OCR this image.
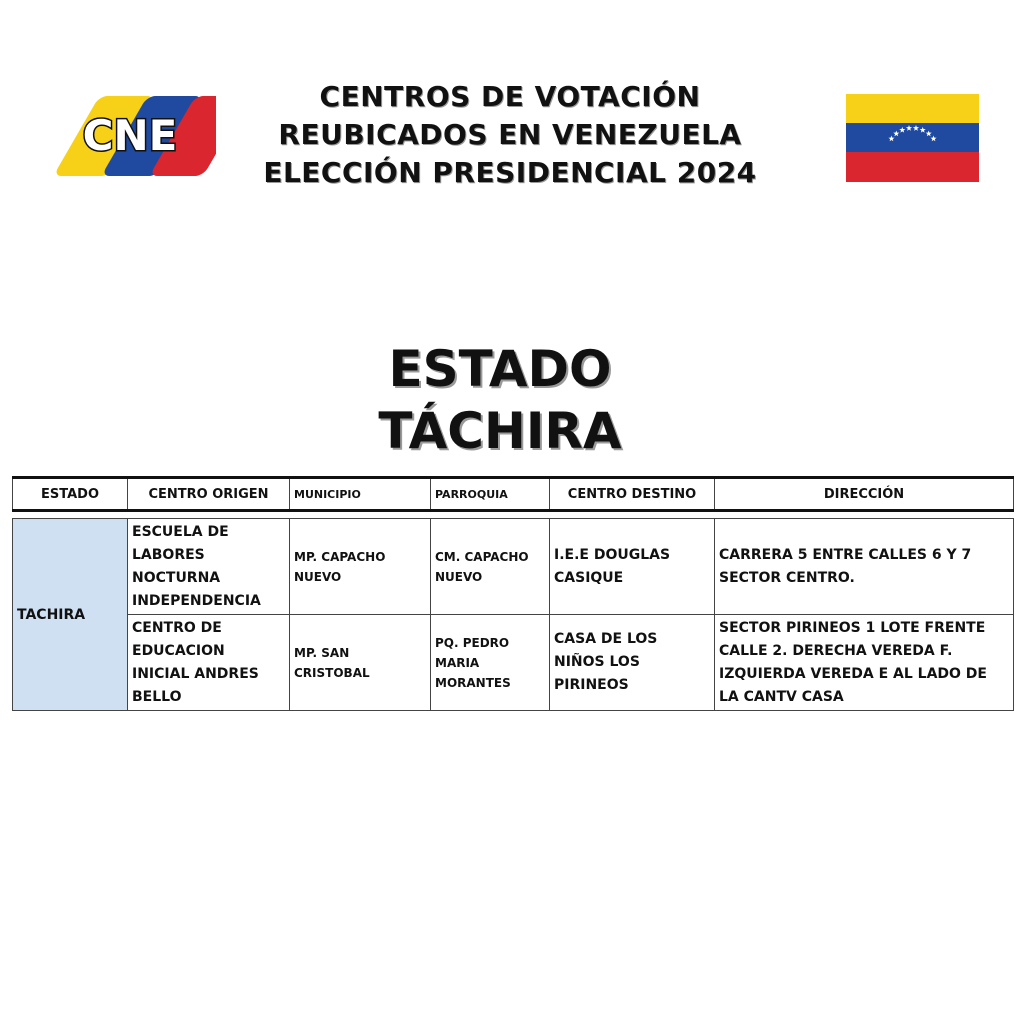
CNE
CENTROS DE VOTACIÓN
REUBICADOS EN VENEZUELA
ELECCIÓN PRESIDENCIAL 2024
ESTADO
TÁCHIRA
ESTADO	CENTRO ORIGEN	MUNICIPIO	PARROQUIA	CENTRO DESTINO	DIRECCIÓN

TACHIRA	ESCUELA DE LABORES NOCTURNA INDEPENDENCIA	MP. CAPACHO NUEVO	CM. CAPACHO NUEVO	I.E.E DOUGLAS CASIQUE	CARRERA 5 ENTRE CALLES 6 Y 7 SECTOR CENTRO.
	CENTRO DE EDUCACION INICIAL ANDRES BELLO	MP. SAN CRISTOBAL	PQ. PEDRO MARIA MORANTES	CASA DE LOS NIÑOS LOS PIRINEOS	SECTOR PIRINEOS 1 LOTE FRENTE CALLE 2. DERECHA VEREDA F. IZQUIERDA VEREDA E AL LADO DE LA CANTV CASA
